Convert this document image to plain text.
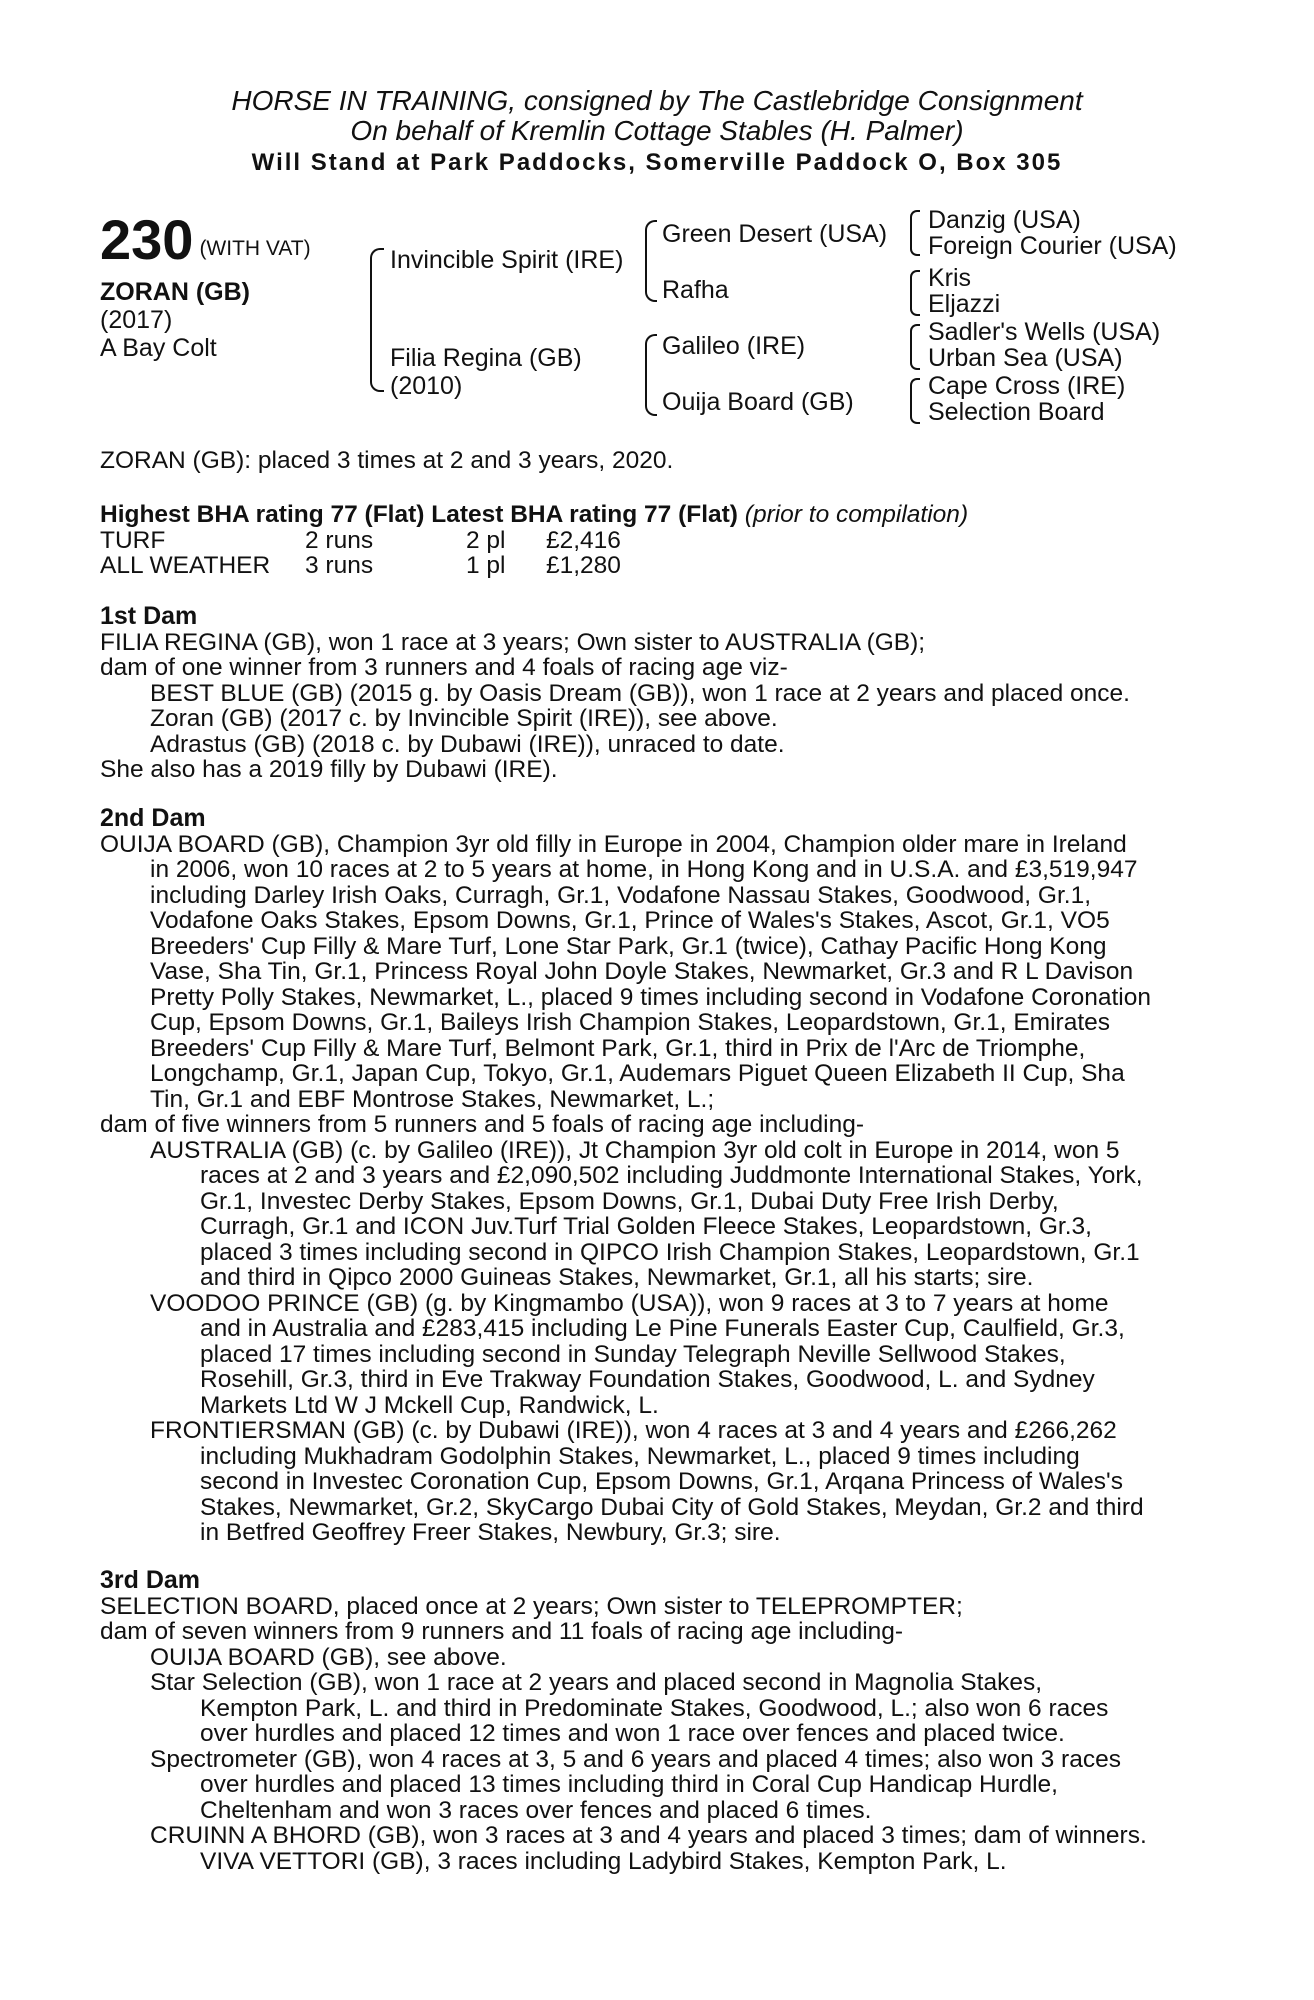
HORSE IN TRAINING, consigned by The Castlebridge Consignment
On behalf of Kremlin Cottage Stables (H. Palmer)
Will Stand at Park Paddocks, Somerville Paddock O, Box 305
230 (WITH VAT)
ZORAN (GB)
(2017)
A Bay Colt
Invincible Spirit (IRE)
Filia Regina (GB)
(2010)
Green Desert (USA)
Rafha
Galileo (IRE)
Ouija Board (GB)
Danzig (USA)
Foreign Courier (USA)
Kris
Eljazzi
Sadler's Wells (USA)
Urban Sea (USA)
Cape Cross (IRE)
Selection Board
ZORAN (GB): placed 3 times at 2 and 3 years, 2020.
Highest BHA rating 77 (Flat) Latest BHA rating 77 (Flat) (prior to compilation)
TURF	2 runs	2 pl £2,416
ALL WEATHER 3 runs	1 pl £1,280
1st Dam
FILIA REGINA (GB), won 1 race at 3 years; Own sister to AUSTRALIA (GB);
dam of one winner from 3 runners and 4 foals of racing age viz-
BEST BLUE (GB) (2015 g. by Oasis Dream (GB)), won 1 race at 2 years and placed once.
Zoran (GB) (2017 c. by Invincible Spirit (IRE)), see above.
Adrastus (GB) (2018 c. by Dubawi (IRE)), unraced to date.
She also has a 2019 filly by Dubawi (IRE).
2nd Dam
OUIJA BOARD (GB), Champion 3yr old filly in Europe in 2004, Champion older mare in Ireland
in 2006, won 10 races at 2 to 5 years at home, in Hong Kong and in U.S.A. and £3,519,947
including Darley Irish Oaks, Curragh, Gr.1, Vodafone Nassau Stakes, Goodwood, Gr.1,
Vodafone Oaks Stakes, Epsom Downs, Gr.1, Prince of Wales's Stakes, Ascot, Gr.1, VO5
Breeders' Cup Filly & Mare Turf, Lone Star Park, Gr.1 (twice), Cathay Pacific Hong Kong
Vase, Sha Tin, Gr.1, Princess Royal John Doyle Stakes, Newmarket, Gr.3 and R L Davison
Pretty Polly Stakes, Newmarket, L., placed 9 times including second in Vodafone Coronation
Cup, Epsom Downs, Gr.1, Baileys Irish Champion Stakes, Leopardstown, Gr.1, Emirates
Breeders' Cup Filly & Mare Turf, Belmont Park, Gr.1, third in Prix de l'Arc de Triomphe,
Longchamp, Gr.1, Japan Cup, Tokyo, Gr.1, Audemars Piguet Queen Elizabeth II Cup, Sha
Tin, Gr.1 and EBF Montrose Stakes, Newmarket, L.;
dam of five winners from 5 runners and 5 foals of racing age including-
AUSTRALIA (GB) (c. by Galileo (IRE)), Jt Champion 3yr old colt in Europe in 2014, won 5
races at 2 and 3 years and £2,090,502 including Juddmonte International Stakes, York,
Gr.1, Investec Derby Stakes, Epsom Downs, Gr.1, Dubai Duty Free Irish Derby,
Curragh, Gr.1 and ICON Juv.Turf Trial Golden Fleece Stakes, Leopardstown, Gr.3,
placed 3 times including second in QIPCO Irish Champion Stakes, Leopardstown, Gr.1
and third in Qipco 2000 Guineas Stakes, Newmarket, Gr.1, all his starts; sire.
VOODOO PRINCE (GB) (g. by Kingmambo (USA)), won 9 races at 3 to 7 years at home
and in Australia and £283,415 including Le Pine Funerals Easter Cup, Caulfield, Gr.3,
placed 17 times including second in Sunday Telegraph Neville Sellwood Stakes,
Rosehill, Gr.3, third in Eve Trakway Foundation Stakes, Goodwood, L. and Sydney
Markets Ltd W J Mckell Cup, Randwick, L.
FRONTIERSMAN (GB) (c. by Dubawi (IRE)), won 4 races at 3 and 4 years and £266,262
including Mukhadram Godolphin Stakes, Newmarket, L., placed 9 times including
second in Investec Coronation Cup, Epsom Downs, Gr.1, Arqana Princess of Wales's
Stakes, Newmarket, Gr.2, SkyCargo Dubai City of Gold Stakes, Meydan, Gr.2 and third
in Betfred Geoffrey Freer Stakes, Newbury, Gr.3; sire.
3rd Dam
SELECTION BOARD, placed once at 2 years; Own sister to TELEPROMPTER;
dam of seven winners from 9 runners and 11 foals of racing age including-
OUIJA BOARD (GB), see above.
Star Selection (GB), won 1 race at 2 years and placed second in Magnolia Stakes,
Kempton Park, L. and third in Predominate Stakes, Goodwood, L.; also won 6 races
over hurdles and placed 12 times and won 1 race over fences and placed twice.
Spectrometer (GB), won 4 races at 3, 5 and 6 years and placed 4 times; also won 3 races
over hurdles and placed 13 times including third in Coral Cup Handicap Hurdle,
Cheltenham and won 3 races over fences and placed 6 times.
CRUINN A BHORD (GB), won 3 races at 3 and 4 years and placed 3 times; dam of winners.
VIVA VETTORI (GB), 3 races including Ladybird Stakes, Kempton Park, L.
